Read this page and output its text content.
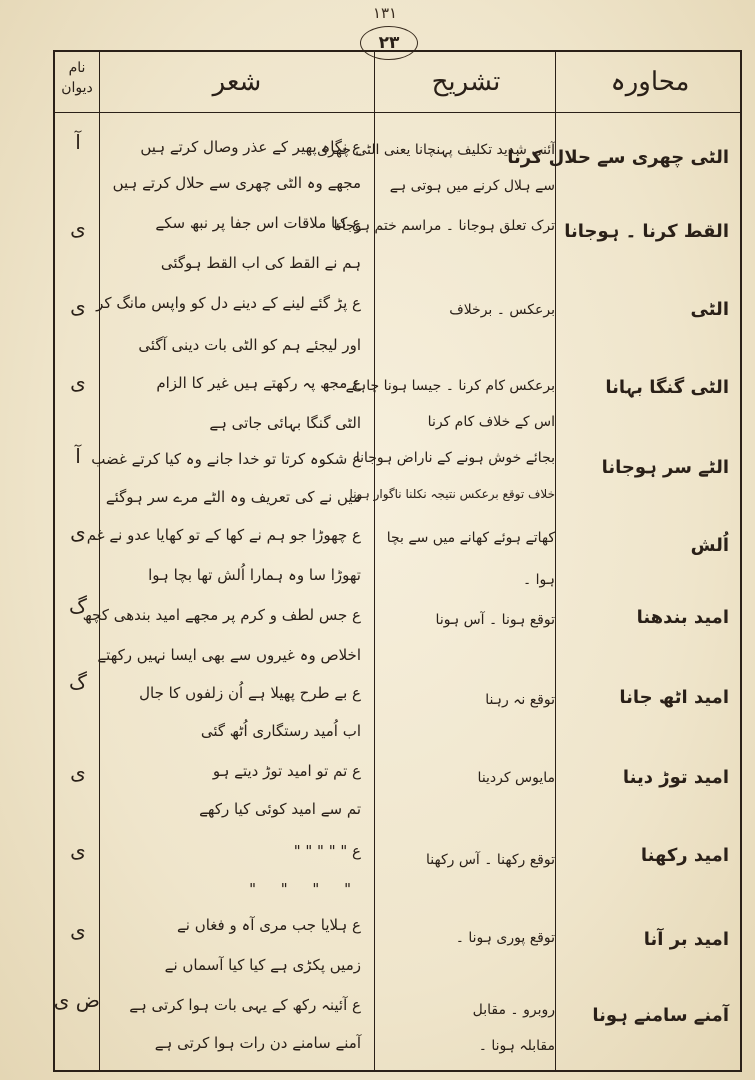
۱۳۱
۲۳
محاورہ
تشریح
شعر
نام دیوان
الٹی چھری سے حلال کرنا
آئنی شدید تکلیف پہنچانا یعنی الٹی چھری
سے ہلال کرنے میں ہوتی ہے
ع نگاہ پھیر کے عذر وصال کرتے ہیں
مجھے وہ الٹی چھری سے حلال کرتے ہیں
آ
القط کرنا ۔ ہوجانا
ترک تعلق ہوجانا ۔ مراسم ختم ہوجانا
ع کیا ملاقات اس جفا پر نبھ سکے
ہم نے القط کی اب القط ہوگئی
ی
الٹی
برعکس ۔ برخلاف
ع پڑ گئے لینے کے دینے دل کو واپس مانگ کر
اور لیجئے ہم کو الٹی بات دینی آگئی
ی
الٹی گنگا بہانا
برعکس کام کرنا ۔ جیسا ہونا چاہئے
اس کے خلاف کام کرنا
ع مجھ پہ رکھتے ہیں غیر کا الزام
الٹی گنگا بہائی جاتی ہے
ی
الٹے سر ہوجانا
بجائے خوش ہونے کے ناراض ہوجانا
خلاف توقع برعکس نتیجہ نکلنا ناگوار ہونا
ع شکوہ کرتا تو خدا جانے وہ کیا کرتے غضب
میں نے کی تعریف وہ الٹے مرے سر ہوگئے
آ
اُلش
کھاتے ہوئے کھانے میں سے بچا
ہوا ۔
ع چھوڑا جو ہم نے کھا کے تو کھایا عدو نے غم
تھوڑا سا وہ ہمارا اُلش تھا بچا ہوا
ی
امید بندھنا
توقع ہونا ۔ آس ہونا
ع جس لطف و کرم پر مجھے امید بندھی کچھ
اخلاص وہ غیروں سے بھی ایسا نہیں رکھتے
گ
امید اٹھ جانا
توقع نہ رہنا
ع بے طرح پھیلا ہے اُن زلفوں کا جال
اب اُمید رستگاری اُٹھ گئی
گ
امید توڑ دینا
مایوس کردینا
ع تم تو امید توڑ دیتے ہو
تم سے امید کوئی کیا رکھے
ی
امید رکھنا
توقع رکھنا ۔ آس رکھنا
ع " " " " "
" " " "
ی
امید بر آنا
توقع پوری ہونا ۔
ع ہلایا جب مری آہ و فغاں نے
زمیں پکڑی ہے کیا کیا آسماں نے
ی
آمنے سامنے ہونا
روبرو ۔ مقابل
مقابلہ ہونا ۔
ع آئینہ رکھ کے یہی بات ہوا کرتی ہے
آمنے سامنے دن رات ہوا کرتی ہے
ض ی
